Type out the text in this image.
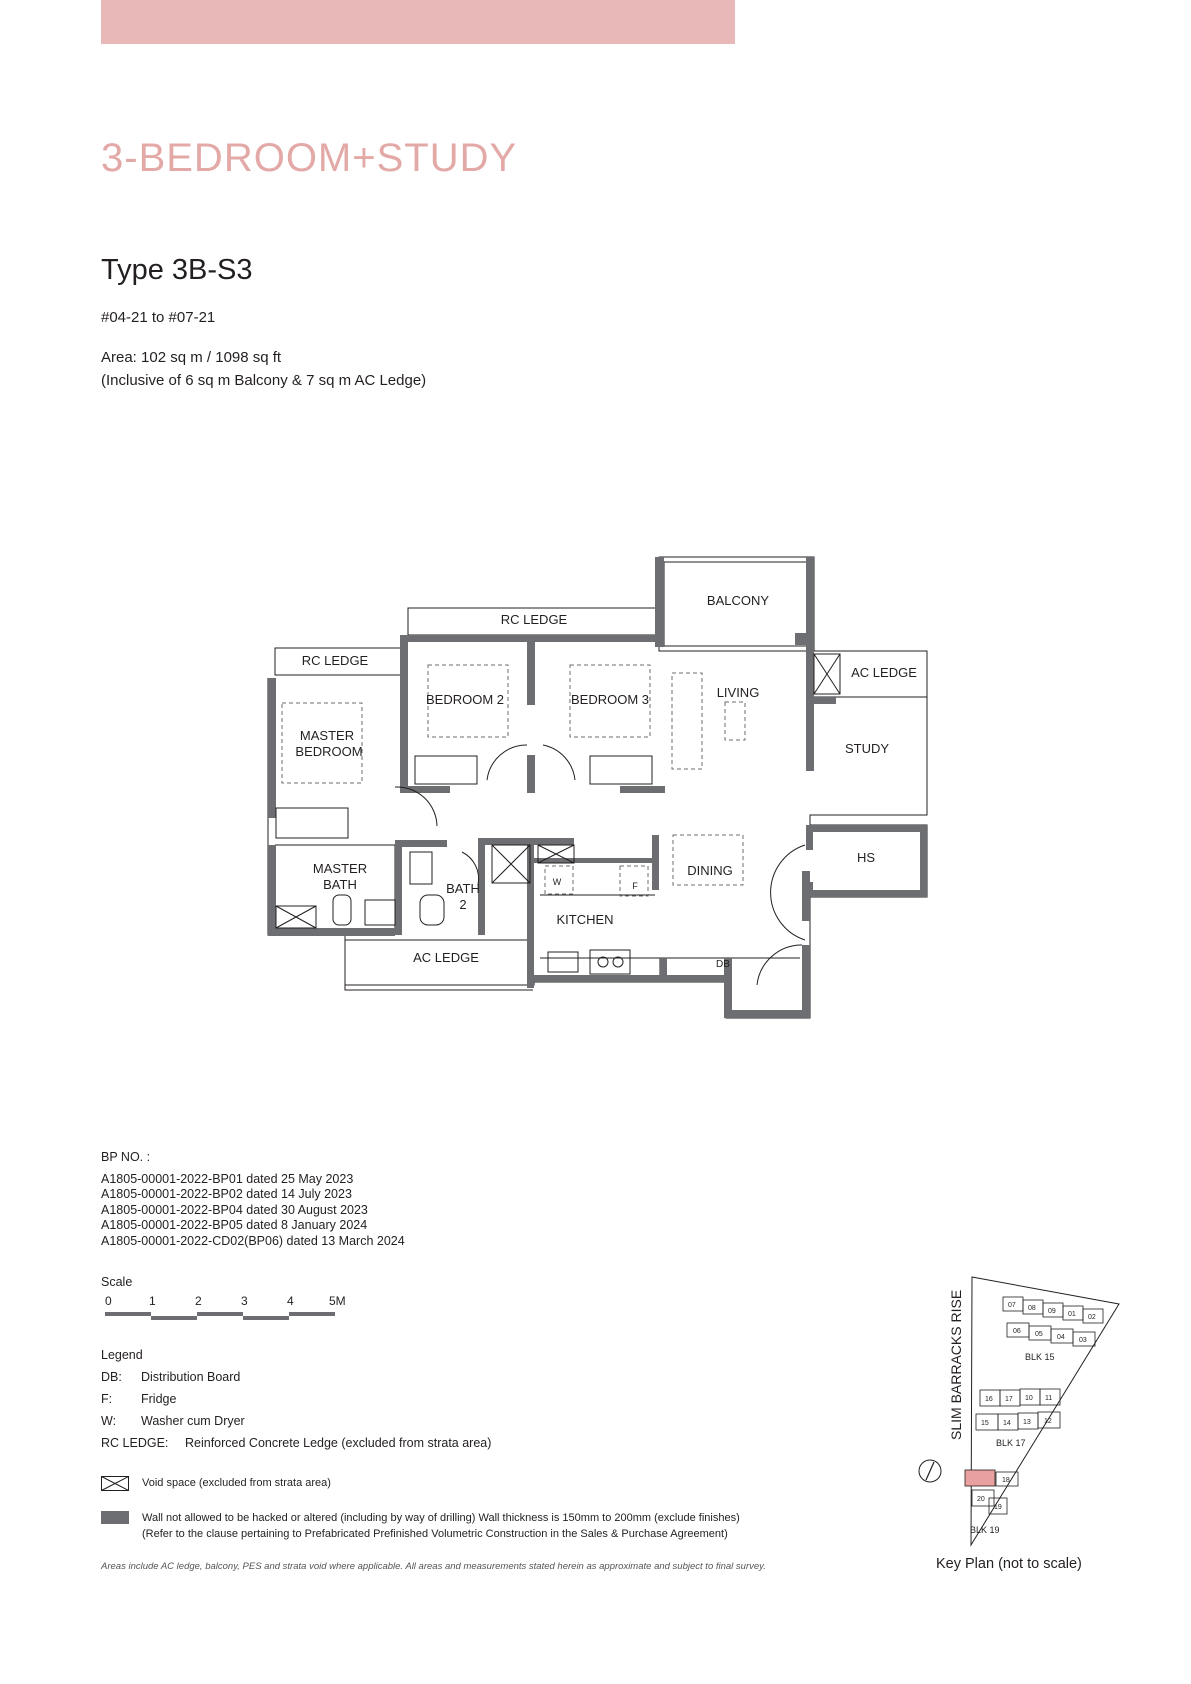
3-BEDROOM+STUDY
Type 3B-S3
#04-21 to #07-21
Area: 102 sq m / 1098 sq ft
(Inclusive of 6 sq m Balcony & 7 sq m AC Ledge)
BALCONY
RC LEDGE
RC LEDGE
AC LEDGE
BEDROOM 2	BEDROOM 3	LIVING
MASTER
BEDROOM	STUDY
HS
MASTER
BATH	BATH
2
DINING
KITCHEN
AC LEDGE	DB
W	F
0	1	2	3	4	5M	SLIM BARRACKS RISE	07 08 09 01 02
06 05 04 03
16 17 10 11
15 14 13 12
18
20
19
BLK 15
BLK 17
BLK 19
BP NO. :
A1805-00001-2022-BP01 dated 25 May 2023
A1805-00001-2022-BP02 dated 14 July 2023
A1805-00001-2022-BP04 dated 30 August 2023
A1805-00001-2022-BP05 dated 8 January 2024
A1805-00001-2022-CD02(BP06) dated 13 March 2024
Scale
Legend
DB: Distribution Board
F: Fridge
W: Washer cum Dryer
RC LEDGE: Reinforced Concrete Ledge (excluded from strata area)
Void space (excluded from strata area)
Wall not allowed to be hacked or altered (including by way of drilling) Wall thickness is 150mm to 200mm (exclude finishes)
(Refer to the clause pertaining to Prefabricated Prefinished Volumetric Construction in the Sales & Purchase Agreement)
Areas include AC ledge, balcony, PES and strata void where applicable. All areas and measurements stated herein as approximate and subject to final survey.	Key Plan (not to scale)
